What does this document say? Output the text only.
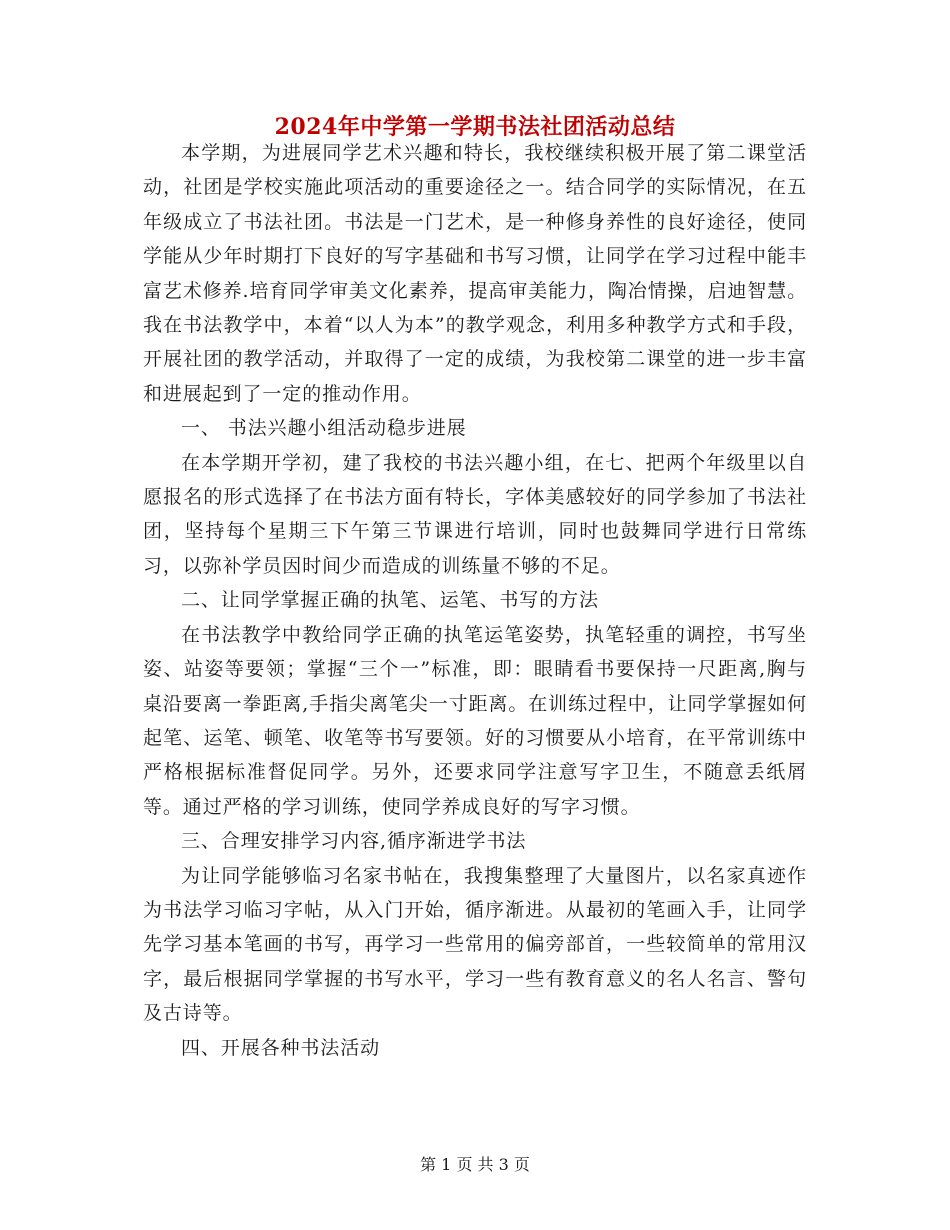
2024年中学第一学期书法社团活动总结

本学期，为进展同学艺术兴趣和特长，我校继续积极开展了第二课堂活动，社团是学校实施此项活动的重要途径之一。结合同学的实际情况，在五年级成立了书法社团。书法是一门艺术，是一种修身养性的良好途径，使同学能从少年时期打下良好的写字基础和书写习惯，让同学在学习过程中能丰富艺术修养.培育同学审美文化素养，提高审美能力，陶冶情操，启迪智慧。我在书法教学中，本着“以人为本”的教学观念，利用多种教学方式和手段，开展社团的教学活动，并取得了一定的成绩，为我校第二课堂的进一步丰富和进展起到了一定的推动作用。

一、 书法兴趣小组活动稳步进展

在本学期开学初，建了我校的书法兴趣小组，在七、把两个年级里以自愿报名的形式选择了在书法方面有特长，字体美感较好的同学参加了书法社团，坚持每个星期三下午第三节课进行培训，同时也鼓舞同学进行日常练习，以弥补学员因时间少而造成的训练量不够的不足。

二、让同学掌握正确的执笔、运笔、书写的方法

在书法教学中教给同学正确的执笔运笔姿势，执笔轻重的调控，书写坐姿、站姿等要领；掌握“三个一”标准，即：眼睛看书要保持一尺距离,胸与桌沿要离一拳距离,手指尖离笔尖一寸距离。在训练过程中，让同学掌握如何起笔、运笔、顿笔、收笔等书写要领。好的习惯要从小培育，在平常训练中严格根据标准督促同学。另外，还要求同学注意写字卫生，不随意丢纸屑等。通过严格的学习训练，使同学养成良好的写字习惯。

三、合理安排学习内容,循序渐进学书法

为让同学能够临习名家书帖在，我搜集整理了大量图片，以名家真迹作为书法学习临习字帖，从入门开始，循序渐进。从最初的笔画入手，让同学先学习基本笔画的书写，再学习一些常用的偏旁部首，一些较简单的常用汉字，最后根据同学掌握的书写水平，学习一些有教育意义的名人名言、警句及古诗等。

四、开展各种书法活动

第 1 页 共 3 页
